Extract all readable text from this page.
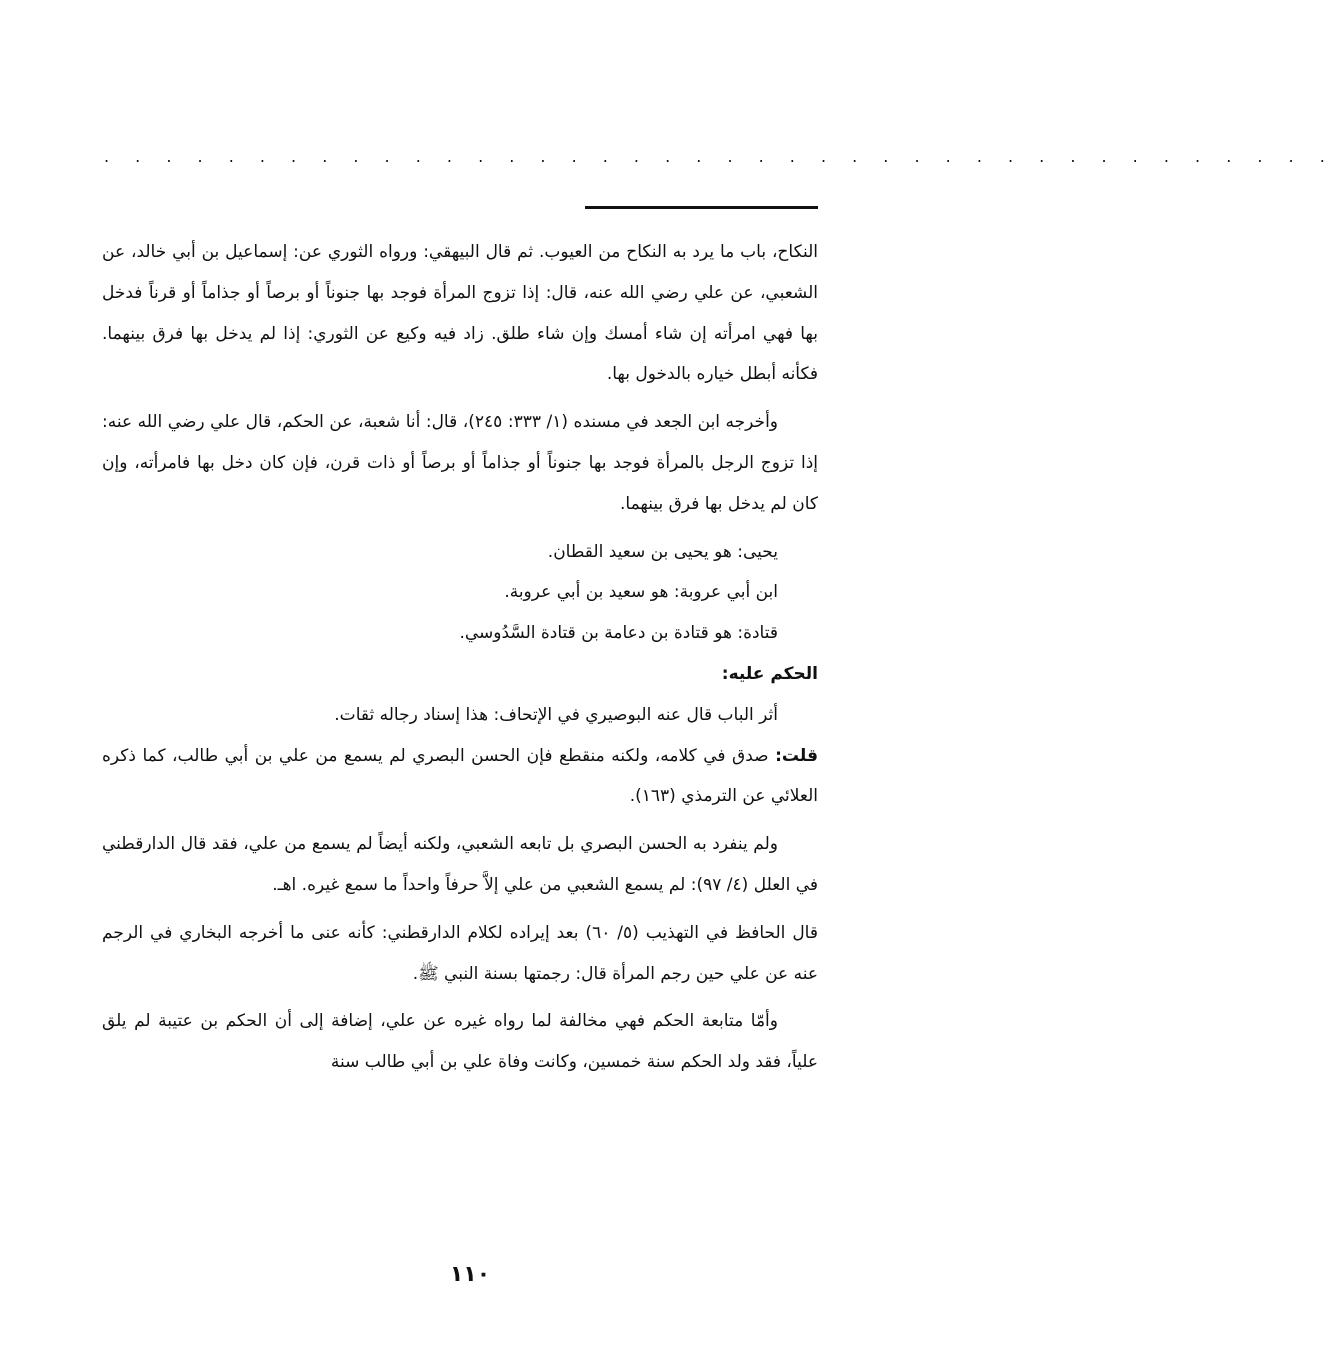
. . . . . . . . . . . . . . . . . . . . . . . . . . . . . . . . . . . . . . . .

النكاح، باب ما يرد به النكاح من العيوب. ثم قال البيهقي: ورواه الثوري عن: إسماعيل بن أبي خالد، عن الشعبي، عن علي رضي الله عنه، قال: إذا تزوج المرأة فوجد بها جنوناً أو برصاً أو جذاماً أو قرناً فدخل بها فهي امرأته إن شاء أمسك وإن شاء طلق. زاد فيه وكيع عن الثوري: إذا لم يدخل بها فرق بينهما. فكأنه أبطل خياره بالدخول بها.

وأخرجه ابن الجعد في مسنده (١/ ٣٣٣: ٢٤٥)، قال: أنا شعبة، عن الحكم، قال علي رضي الله عنه: إذا تزوج الرجل بالمرأة فوجد بها جنوناً أو جذاماً أو برصاً أو ذات قرن، فإن كان دخل بها فامرأته، وإن كان لم يدخل بها فرق بينهما.

يحيى: هو يحيى بن سعيد القطان.

ابن أبي عروبة: هو سعيد بن أبي عروبة.

قتادة: هو قتادة بن دعامة بن قتادة السَّدُوسي.

الحكم عليه:

أثر الباب قال عنه البوصيري في الإتحاف: هذا إسناد رجاله ثقات.

قلت: صدق في كلامه، ولكنه منقطع فإن الحسن البصري لم يسمع من علي بن أبي طالب، كما ذكره العلائي عن الترمذي (١٦٣).

ولم ينفرد به الحسن البصري بل تابعه الشعبي، ولكنه أيضاً لم يسمع من علي، فقد قال الدارقطني في العلل (٤/ ٩٧): لم يسمع الشعبي من علي إلاَّ حرفاً واحداً ما سمع غيره. اهـ.

قال الحافظ في التهذيب (٥/ ٦٠) بعد إيراده لكلام الدارقطني: كأنه عنى ما أخرجه البخاري في الرجم عنه عن علي حين رجم المرأة قال: رجمتها بسنة النبي ﷺ.

وأمّا متابعة الحكم فهي مخالفة لما رواه غيره عن علي، إضافة إلى أن الحكم بن عتيبة لم يلق علياً، فقد ولد الحكم سنة خمسين، وكانت وفاة علي بن أبي طالب سنة

١١٠
